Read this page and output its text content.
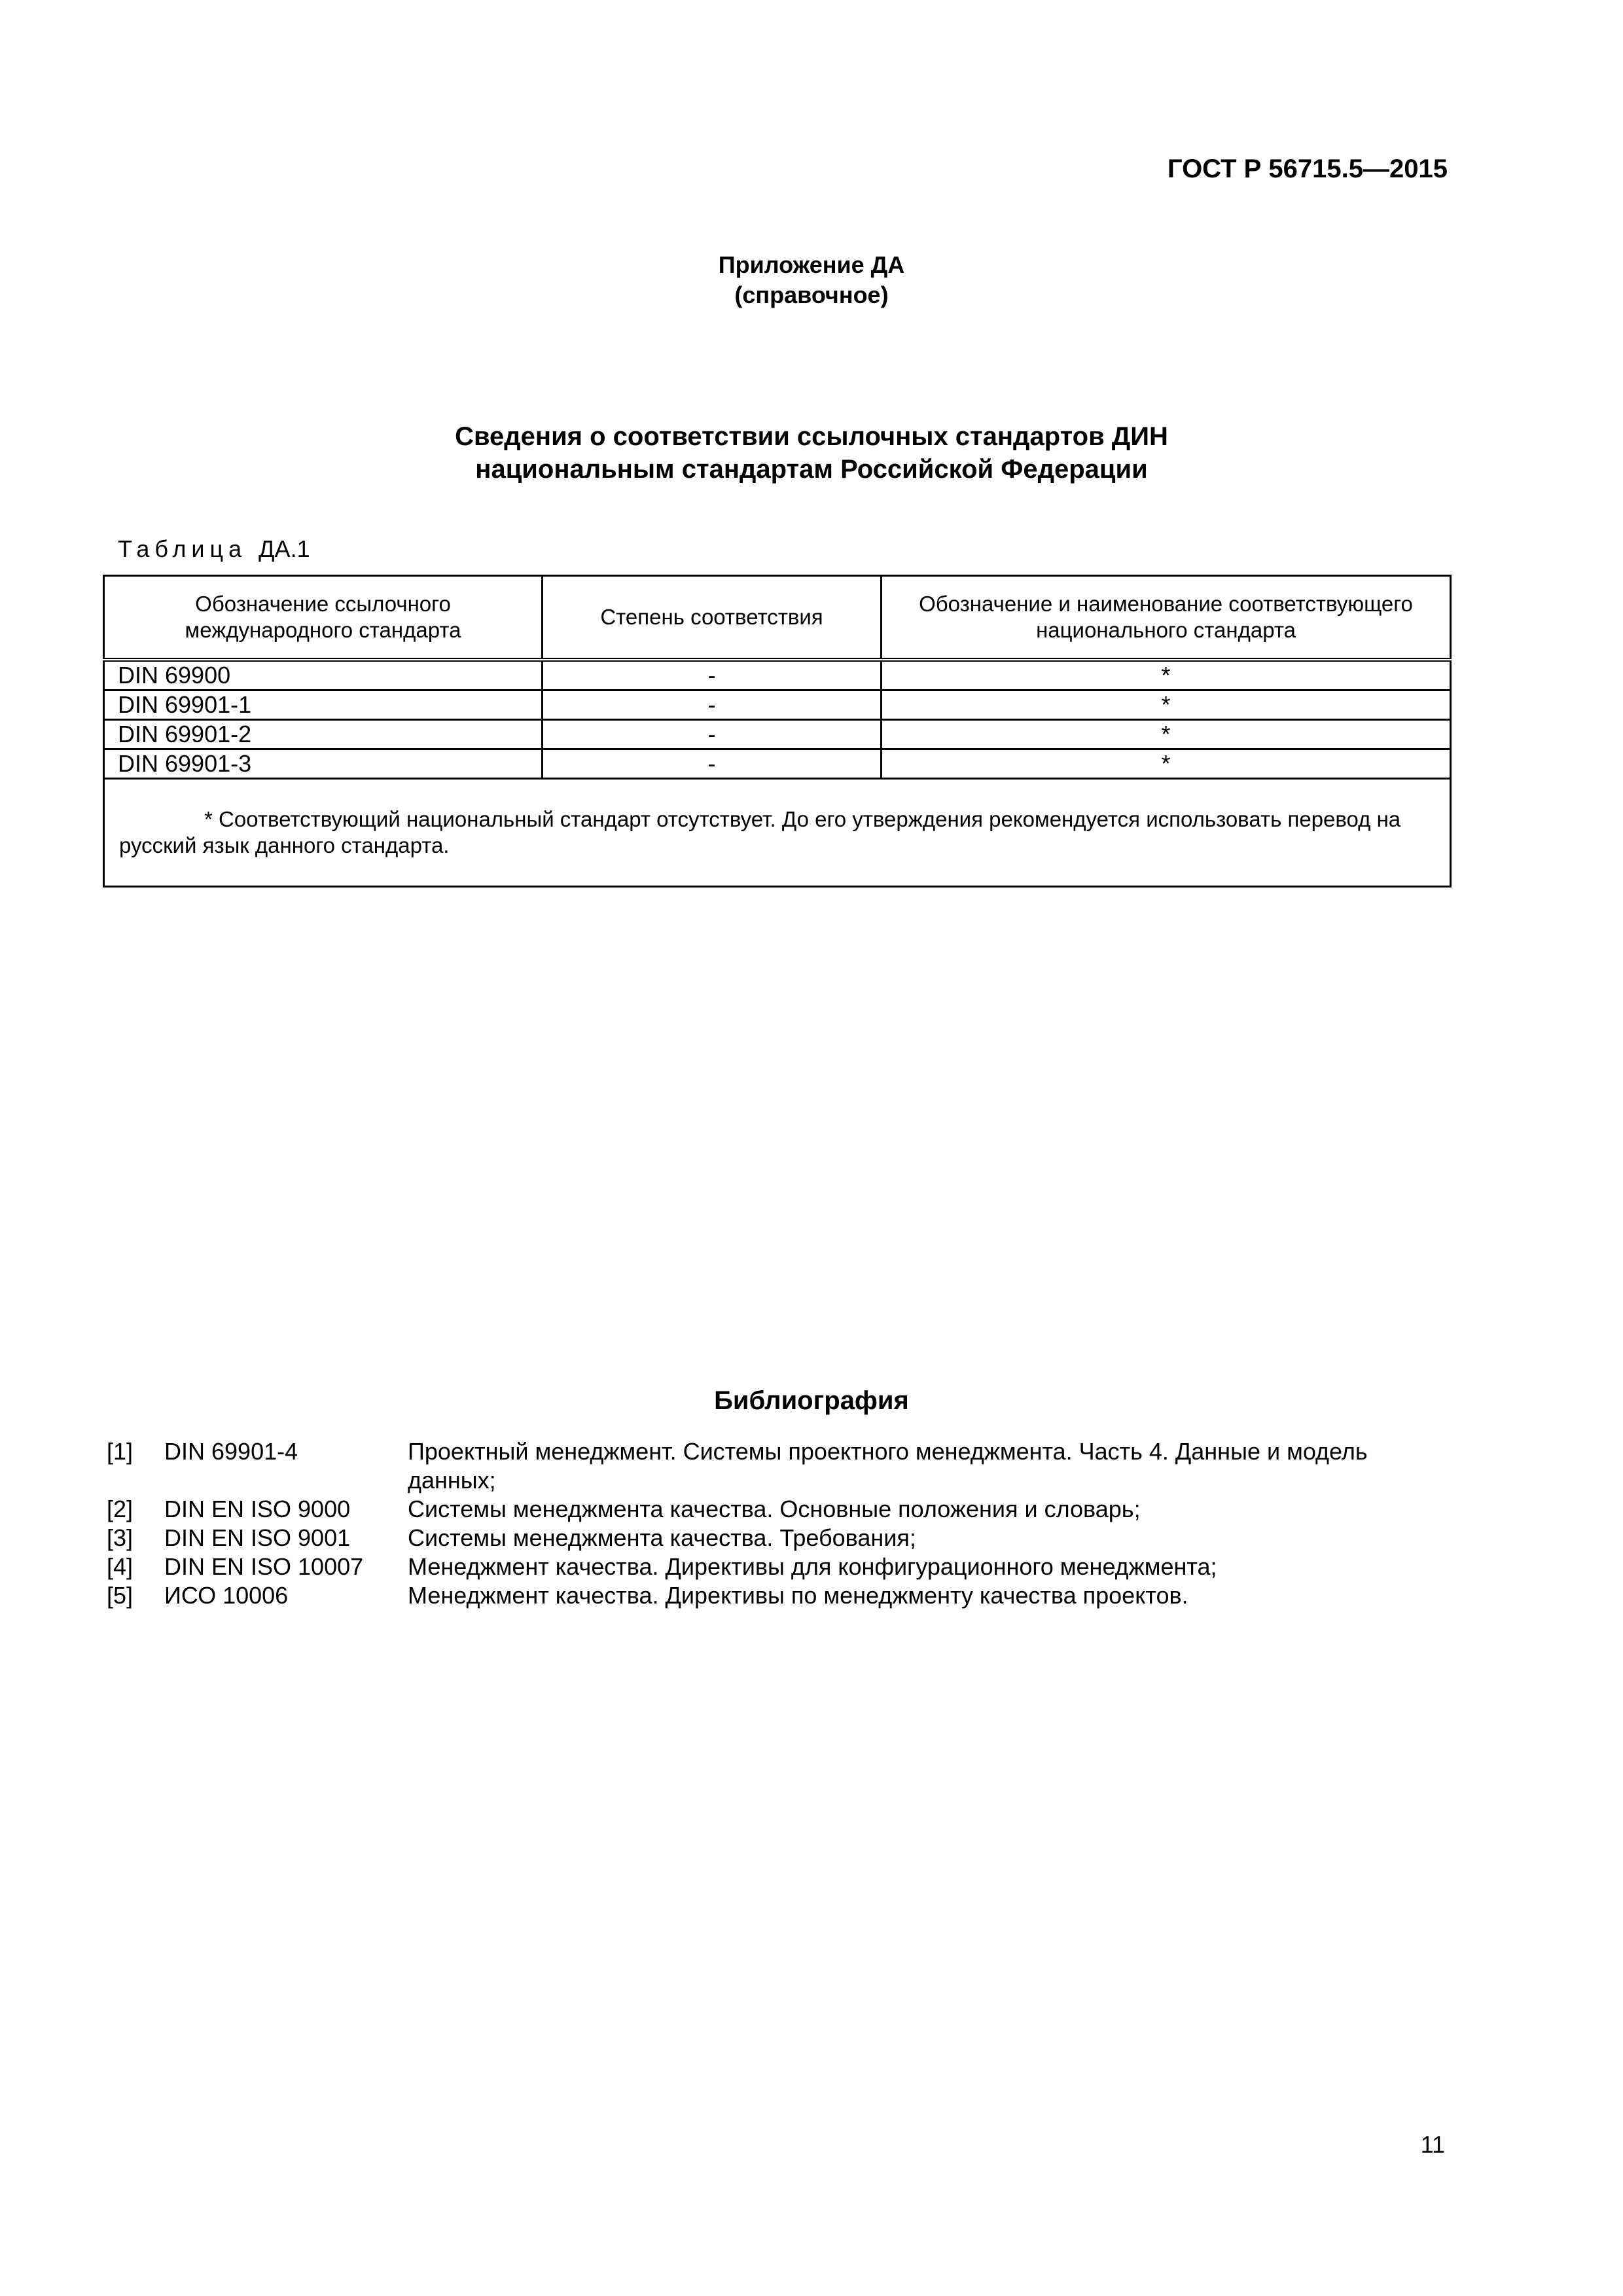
ГОСТ Р 56715.5—2015
Приложение ДА
(справочное)
Сведения о соответствии ссылочных стандартов ДИН
национальным стандартам Российской Федерации
Таблица ДА.1
Обозначение ссылочного международного стандарта	Степень соответствия	Обозначение и наименование соответствующего национального стандарта
DIN 69900	-	*
DIN 69901-1	-	*
DIN 69901-2	-	*
DIN 69901-3	-	*

* Соответствующий национальный стандарт отсутствует. До его утверждения рекомендуется использовать перевод на русский язык данного стандарта.		
Библиография
[1]	DIN 69901-4	Проектный менеджмент. Системы проектного менеджмента. Часть 4. Данные и модель данных;
[2]	DIN EN ISO 9000	Системы менеджмента качества. Основные положения и словарь;
[3]	DIN EN ISO 9001	Системы менеджмента качества. Требования;
[4]	DIN EN ISO 10007	Менеджмент качества. Директивы для конфигурационного менеджмента;
[5]	ИСО 10006	Менеджмент качества. Директивы по менеджменту качества проектов.
11
